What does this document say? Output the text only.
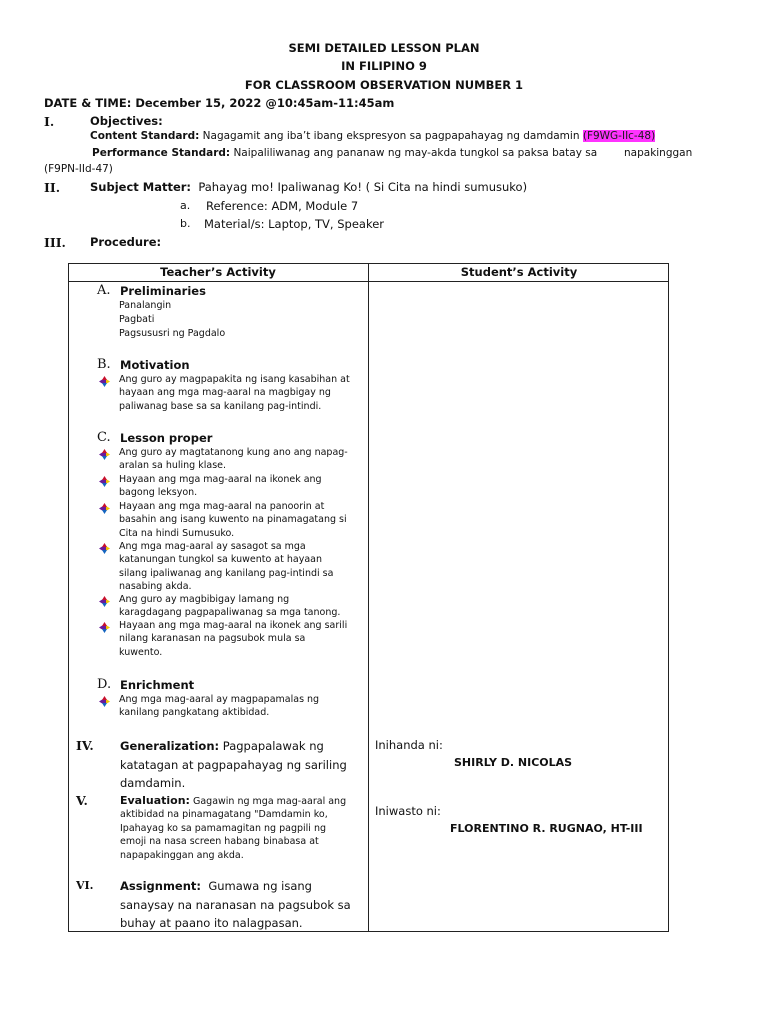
SEMI DETAILED LESSON PLAN
IN FILIPINO 9
FOR CLASSROOM OBSERVATION NUMBER 1
DATE & TIME: December 15, 2022 @10:45am-11:45am
I.	Objectives:
Content Standard: Nagagamit ang iba’t ibang ekspresyon sa pagpapahayag ng damdamin (F9WG-IIc-48)
Performance Standard: Naipaliliwanag ang pananaw ng may-akda tungkol sa paksa batay sa	napakinggan
(F9PN-IId-47)
II.	Subject Matter: Pahayag mo! Ipaliwanag Ko! ( Si Cita na hindi sumusuko)
a. Reference: ADM, Module 7
b. Material/s: Laptop, TV, Speaker
III. Procedure:
Teacher’s Activity	Student’s Activity
A. Preliminaries
Panalangin
Pagbati
Pagsususri ng Pagdalo
B. Motivation
Ang guro ay magpapakita ng isang kasabihan at
hayaan ang mga mag-aaral na magbigay ng
paliwanag base sa sa kanilang pag-intindi.
C. Lesson proper
Ang guro ay magtatanong kung ano ang napag-
aralan sa huling klase.
Hayaan ang mga mag-aaral na ikonek ang
bagong leksyon.
Hayaan ang mga mag-aaral na panoorin at
basahin ang isang kuwento na pinamagatang si
Cita na hindi Sumusuko.
Ang mga mag-aaral ay sasagot sa mga
katanungan tungkol sa kuwento at hayaan
silang ipaliwanag ang kanilang pag-intindi sa
nasabing akda.
Ang guro ay magbibigay lamang ng
karagdagang pagpapaliwanag sa mga tanong.
Hayaan ang mga mag-aaral na ikonek ang sarili
nilang karanasan na pagsubok mula sa
kuwento.
D. Enrichment
Ang mga mag-aaral ay magpapamalas ng
kanilang pangkatang aktibidad.
IV. Generalization: Pagpapalawak ng
katatagan at pagpapahayag ng sariling
damdamin.
V.	Evaluation: Gagawin ng mga mag-aaral ang
aktibidad na pinamagatang "Damdamin ko,
Ipahayag ko sa pamamagitan ng pagpili ng
emoji na nasa screen habang binabasa at
napapakinggan ang akda.
VI. Assignment: Gumawa ng isang
sanaysay na naranasan na pagsubok sa
buhay at paano ito nalagpasan.
Inihanda ni:
SHIRLY D. NICOLAS
Iniwasto ni:
FLORENTINO R. RUGNAO, HT-III
